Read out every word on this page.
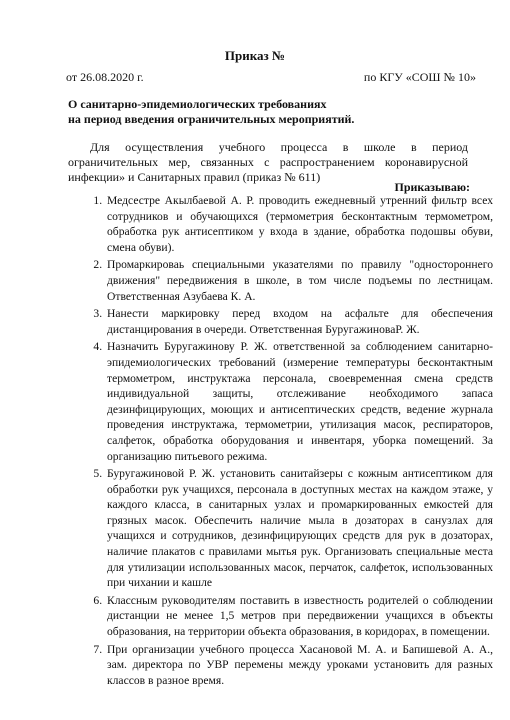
Приказ №
от 26.08.2020 г.	по КГУ «СОШ № 10»
О санитарно-эпидемиологических требованиях
на период введения ограничительных мероприятий.
Для осуществления учебного процесса в школе в период ограничительных мер, связанных с распространением коронавирусной инфекции» и Санитарных правил (приказ № 611)
Приказываю:
1. Медсестре Акылбаевой А. Р. проводить ежедневный утренний фильтр всех сотрудников и обучающихся (термометрия бесконтактным термометром, обработка рук антисептиком у входа в здание, обработка подошвы обуви, смена обуви).
2. Промаркироваь специальными указателями по правилу "одностороннего движения" передвижения в школе, в том числе подъемы по лестницам. Ответственная Азубаева К. А.
3. Нанести маркировку перед входом на асфальте для обеспечения дистанцирования в очереди. Ответственная БуругажиноваР. Ж.
4. Назначить Буругажинову Р. Ж. ответственной за соблюдением санитарно-эпидемиологических требований (измерение температуры бесконтактным термометром, инструктажа персонала, своевременная смена средств индивидуальной защиты, отслеживание необходимого запаса дезинфицирующих, моющих и антисептических средств, ведение журнала проведения инструктажа, термометрии, утилизация масок, респираторов, салфеток, обработка оборудования и инвентаря, уборка помещений. За организацию питьевого режима.
5. Буругажиновой Р. Ж. установить санитайзеры с кожным антисептиком для обработки рук учащихся, персонала в доступных местах на каждом этаже, у каждого класса, в санитарных узлах и промаркированных емкостей для грязных масок. Обеспечить наличие мыла в дозаторах в санузлах для учащихся и сотрудников, дезинфицирующих средств для рук в дозаторах, наличие плакатов с правилами мытья рук. Организовать специальные места для утилизации использованных масок, перчаток, салфеток, использованных при чихании и кашле
6. Классным руководителям поставить в известность родителей о соблюдении дистанции не менее 1,5 метров при передвижении учащихся в объекты образования, на территории объекта образования, в коридорах, в помещении.
7. При организации учебного процесса Хасановой М. А. и Бапишевой А. А., зам. директора по УВР перемены между уроками установить для разных классов в разное время.
